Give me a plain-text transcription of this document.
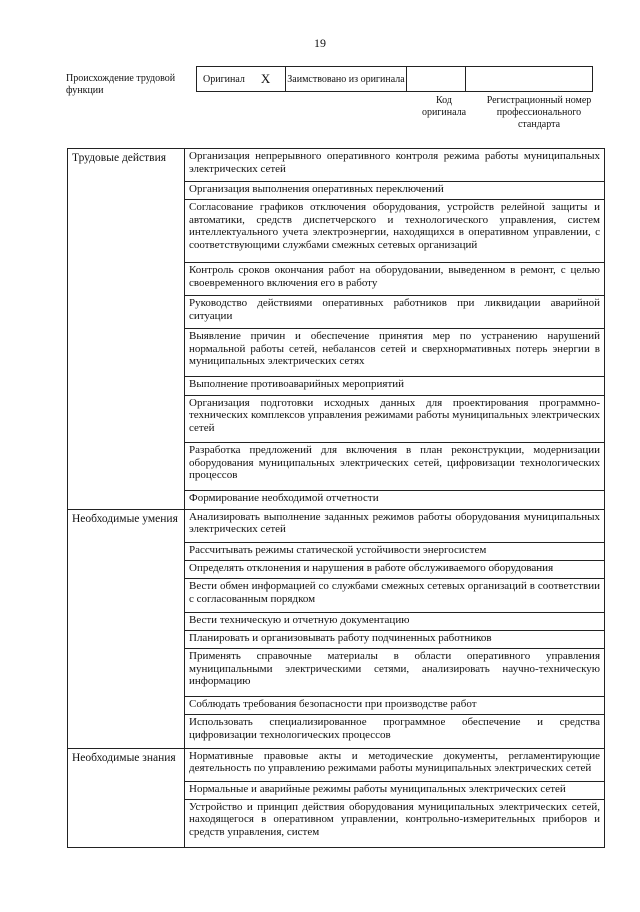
19
Происхождение трудовой функции
Оригинал X	Заимствовано из оригинала		
Код оригинала
Регистрационный номер профессионального стандарта
Трудовые действия	Организация непрерывного оперативного контроля режима работы муниципальных электрических сетей
	Организация выполнения оперативных переключений
	Согласование графиков отключения оборудования, устройств релейной защиты и автоматики, средств диспетчерского и технологического управления, систем интеллектуального учета электроэнергии, находящихся в оперативном управлении, с соответствующими службами смежных сетевых организаций
	Контроль сроков окончания работ на оборудовании, выведенном в ремонт, с целью своевременного включения его в работу
	Руководство действиями оперативных работников при ликвидации аварийной ситуации
	Выявление причин и обеспечение принятия мер по устранению нарушений нормальной работы сетей, небалансов сетей и сверхнормативных потерь энергии в муниципальных электрических сетях
	Выполнение противоаварийных мероприятий
	Организация подготовки исходных данных для проектирования программно-технических комплексов управления режимами работы муниципальных электрических сетей
	Разработка предложений для включения в план реконструкции, модернизации оборудования муниципальных электрических сетей, цифровизации технологических процессов
	Формирование необходимой отчетности
Необходимые умения	Анализировать выполнение заданных режимов работы оборудования муниципальных электрических сетей
	Рассчитывать режимы статической устойчивости энергосистем
	Определять отклонения и нарушения в работе обслуживаемого оборудования
	Вести обмен информацией со службами смежных сетевых организаций в соответствии с согласованным порядком
	Вести техническую и отчетную документацию
	Планировать и организовывать работу подчиненных работников
	Применять справочные материалы в области оперативного управления муниципальными электрическими сетями, анализировать научно-техническую информацию
	Соблюдать требования безопасности при производстве работ
	Использовать специализированное программное обеспечение и средства цифровизации технологических процессов
Необходимые знания	Нормативные правовые акты и методические документы, регламентирующие деятельность по управлению режимами работы муниципальных электрических сетей
	Нормальные и аварийные режимы работы муниципальных электрических сетей
	Устройство и принцип действия оборудования муниципальных электрических сетей, находящегося в оперативном управлении, контрольно-измерительных приборов и средств управления, систем
